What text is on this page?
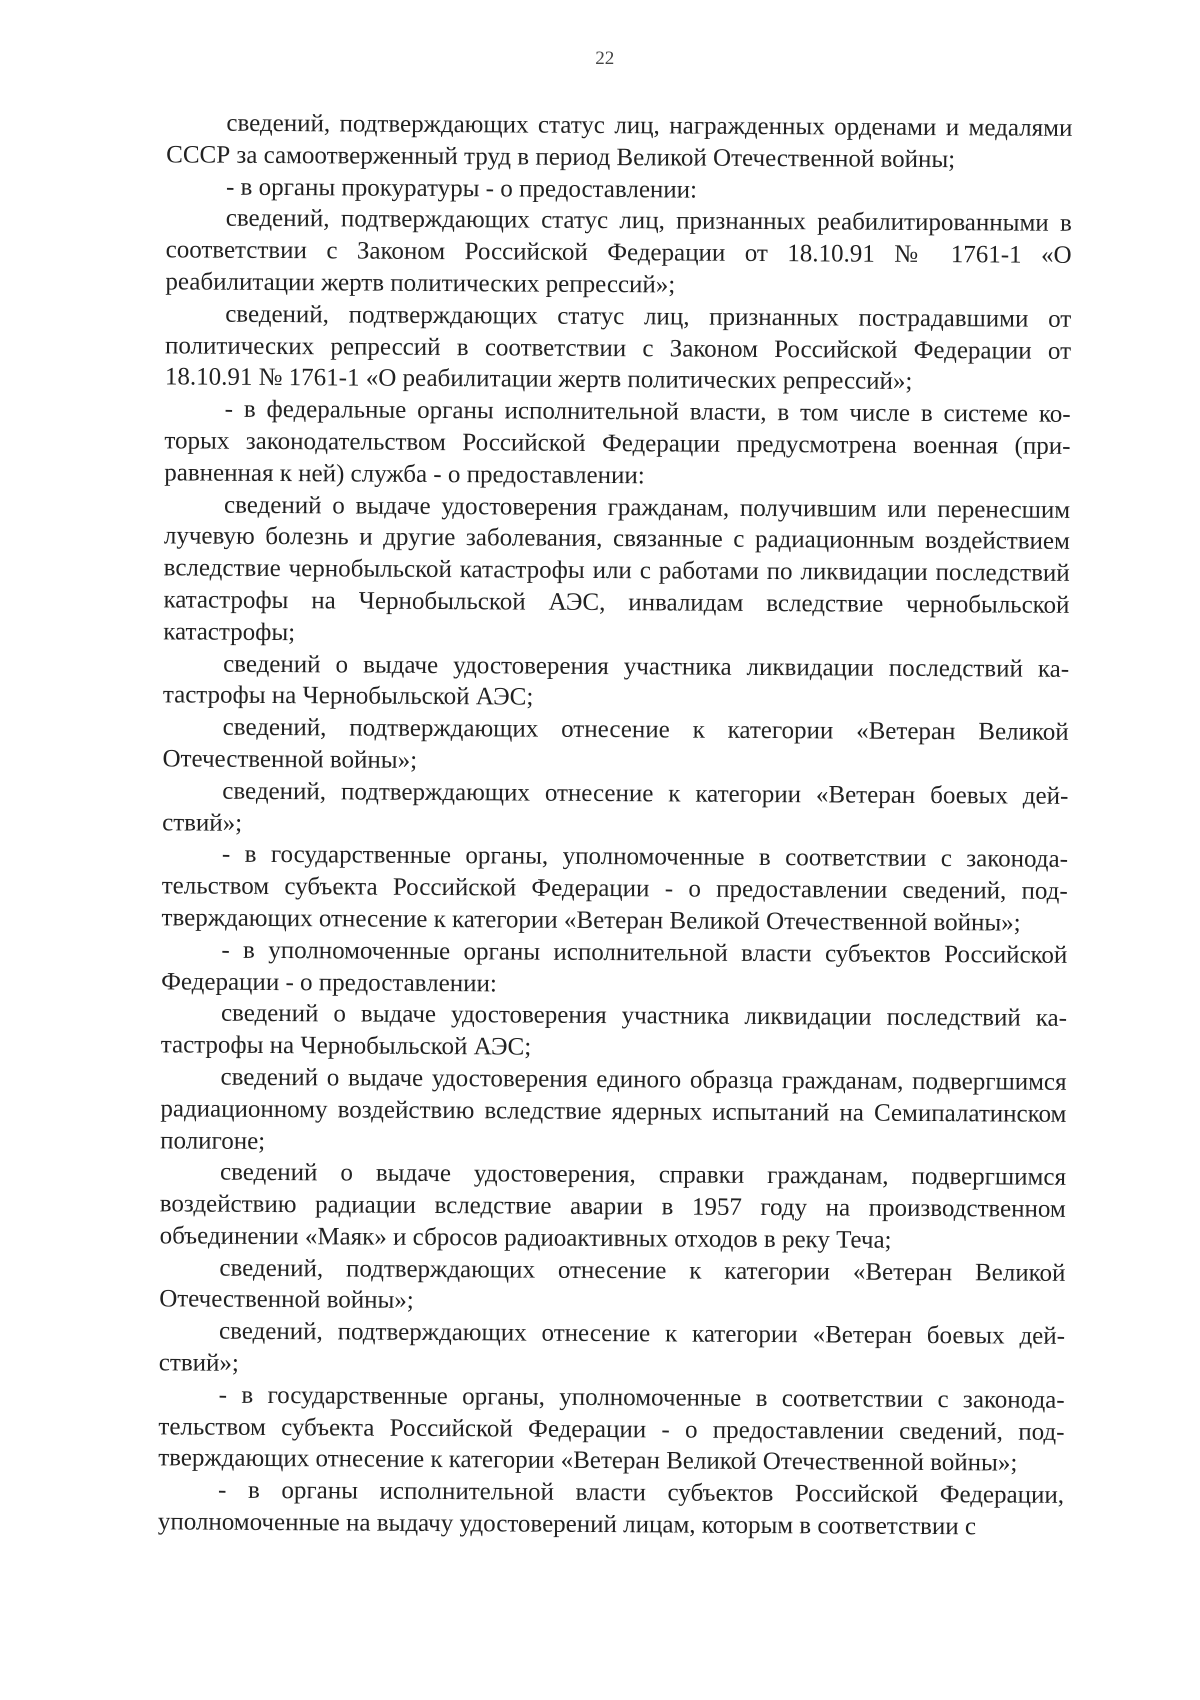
22

сведений, подтверждающих статус лиц, награжденных орденами и медалями СССР за самоотверженный труд в период Великой Отечественной войны;

- в органы прокуратуры - о предоставлении:

сведений, подтверждающих статус лиц, признанных реабилитированными в соответствии с Законом Российской Федерации от 18.10.91 № 1761-1 «О реабилитации жертв политических репрессий»;

сведений, подтверждающих статус лиц, признанных пострадавшими от политических репрессий в соответствии с Законом Российской Федерации от 18.10.91 № 1761-1 «О реабилитации жертв политических репрессий»;

- в федеральные органы исполнительной власти, в том числе в системе которых законодательством Российской Федерации предусмотрена военная (приравненная к ней) служба - о предоставлении:

сведений о выдаче удостоверения гражданам, получившим или перенесшим лучевую болезнь и другие заболевания, связанные с радиационным воздействием вследствие чернобыльской катастрофы или с работами по ликвидации последствий катастрофы на Чернобыльской АЭС, инвалидам вследствие чернобыльской катастрофы;

сведений о выдаче удостоверения участника ликвидации последствий катастрофы на Чернобыльской АЭС;

сведений, подтверждающих отнесение к категории «Ветеран Великой Отечественной войны»;

сведений, подтверждающих отнесение к категории «Ветеран боевых действий»;

- в государственные органы, уполномоченные в соответствии с законодательством субъекта Российской Федерации - о предоставлении сведений, подтверждающих отнесение к категории «Ветеран Великой Отечественной войны»;

- в уполномоченные органы исполнительной власти субъектов Российской Федерации - о предоставлении:

сведений о выдаче удостоверения участника ликвидации последствий катастрофы на Чернобыльской АЭС;

сведений о выдаче удостоверения единого образца гражданам, подвергшимся радиационному воздействию вследствие ядерных испытаний на Семипалатинском полигоне;

сведений о выдаче удостоверения, справки гражданам, подвергшимся воздействию радиации вследствие аварии в 1957 году на производственном объединении «Маяк» и сбросов радиоактивных отходов в реку Теча;

сведений, подтверждающих отнесение к категории «Ветеран Великой Отечественной войны»;

сведений, подтверждающих отнесение к категории «Ветеран боевых действий»;

- в государственные органы, уполномоченные в соответствии с законодательством субъекта Российской Федерации - о предоставлении сведений, подтверждающих отнесение к категории «Ветеран Великой Отечественной войны»;

- в органы исполнительной власти субъектов Российской Федерации, уполномоченные на выдачу удостоверений лицам, которым в соответствии с
